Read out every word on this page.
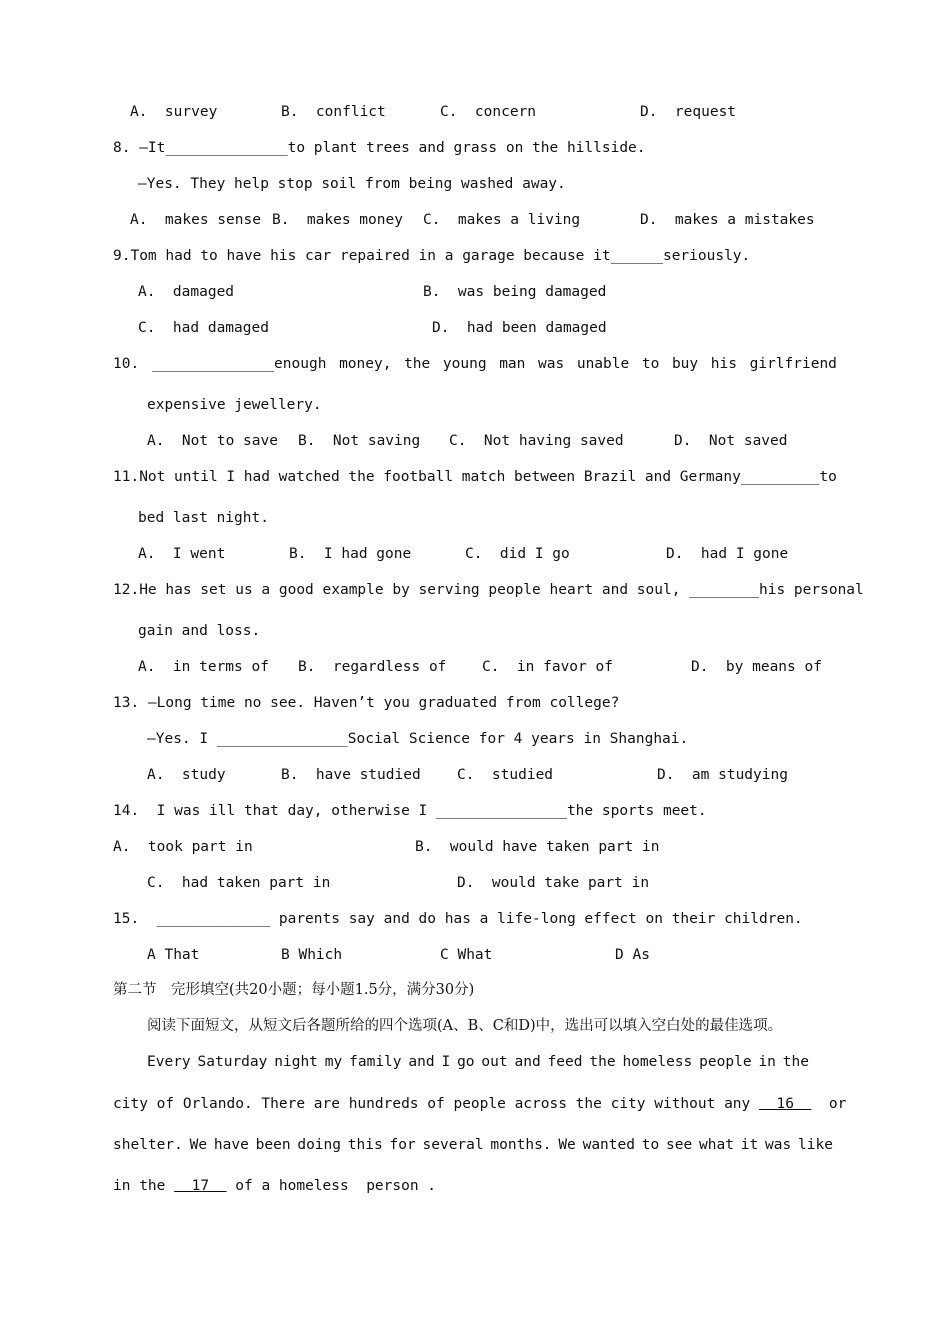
A.  survey	B.  conflict	C.  concern	D.  request
8. —It______________to plant trees and grass on the hillside.
—Yes. They help stop soil from being washed away.
A.  makes sense B.  makes money C.  makes a living	D.  makes a mistakes
9.Tom had to have his car repaired in a garage because it______seriously.
A.  damaged	B.  was being damaged
C.  had damaged	D.  had been damaged
10. ______________enough money, the young man was unable to buy his girlfriend
expensive jewellery.
A.  Not to save B.  Not saving C.  Not having saved	D.  Not saved
11.Not until I had watched the football match between Brazil and Germany_________to
bed last night.
A.  I went	B.  I had gone	C.  did I go	D.  had I gone
12.He has set us a good example by serving people heart and soul, ________his personal
gain and loss.
A.  in terms of B.  regardless of C.  in favor of	D.  by means of
13. —Long time no see. Haven’t you graduated from college?
—Yes. I _______________Social Science for 4 years in Shanghai.
A.  study	B.  have studied	C.  studied	D.  am studying
14.  I was ill that day, otherwise I _______________the sports meet.
A.  took part in	B.  would have taken part in
C.  had taken part in	D.  would take part in
15.  _____________ parents say and do has a life-long effect on their children.
A That	B Which	C What	D As
第二节　完形填空(共20小题；每小题1.5分，满分30分)
阅读下面短文，从短文后各题所给的四个选项(A、B、C和D)中，选出可以填入空白处的最佳选项。
Every Saturday night my family and I go out and feed the homeless people in the
city of Orlando. There are hundreds of people across the city without any   16    or
shelter. We have been doing this for several months. We wanted to see what it was like
in the   17   of a homeless  person .
